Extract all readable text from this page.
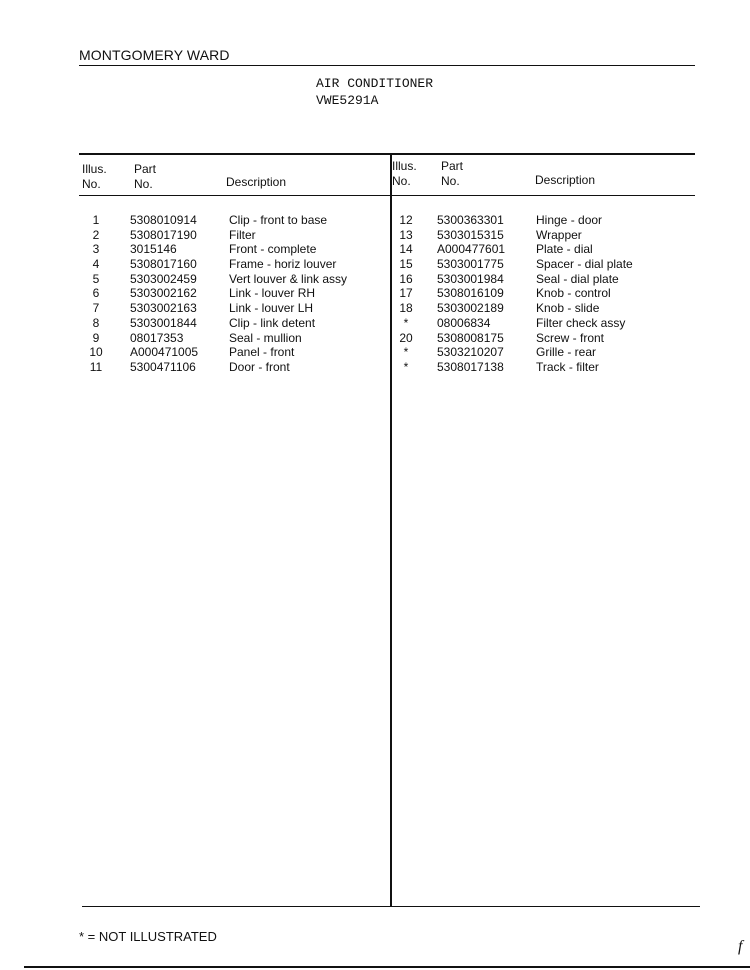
MONTGOMERY WARD
AIR CONDITIONER
VWE5291A
Illus.
No.
Part
No.	Description
Illus.
No.
Part
No.	Description
1
2
3
4
5
6
7
8
9
10
11
5308010914
5308017190
3015146
5308017160
5303002459
5303002162
5303002163
5303001844
08017353
A000471005
5300471106
Clip - front to base
Filter
Front - complete
Frame - horiz louver
Vert louver & link assy
Link - louver RH
Link - louver LH
Clip - link detent
Seal - mullion
Panel - front
Door - front
12
13
14
15
16
17
18
*
20
*
*
5300363301
5303015315
A000477601
5303001775
5303001984
5308016109
5303002189
08006834
5308008175
5303210207
5308017138
Hinge - door
Wrapper
Plate - dial
Spacer - dial plate
Seal - dial plate
Knob - control
Knob - slide
Filter check assy
Screw - front
Grille - rear
Track - filter
* = NOT ILLUSTRATED
f
